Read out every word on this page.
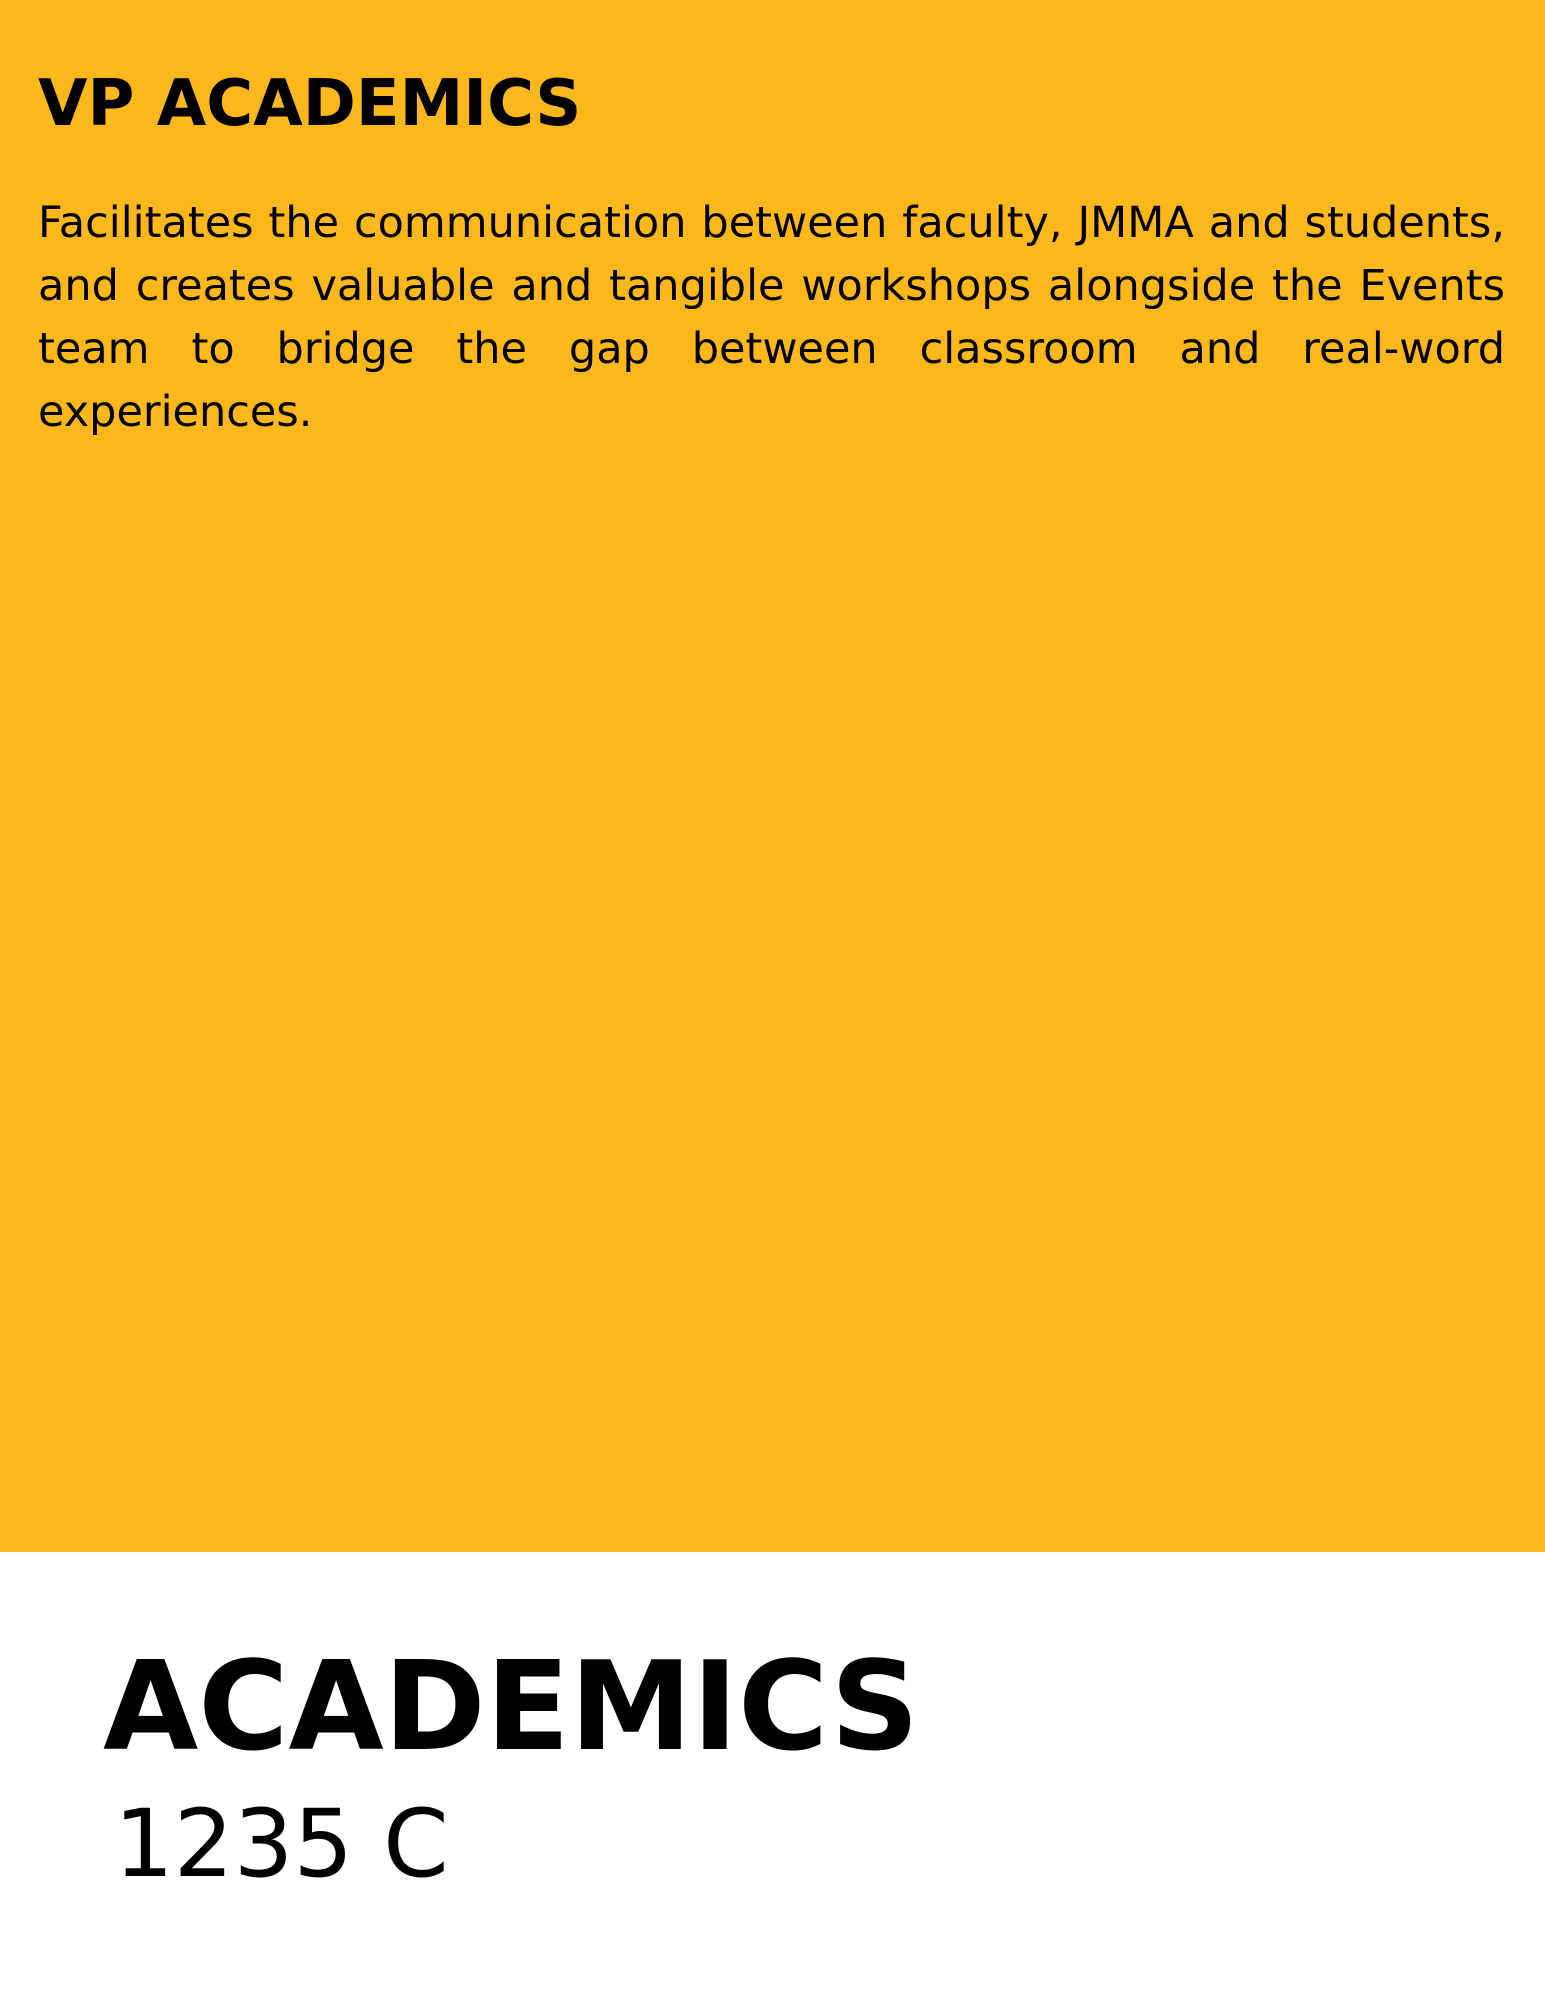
VP ACADEMICS

Facilitates the communication between faculty, JMMA and students, and creates valuable and tangible workshops alongside the Events team to bridge the gap between classroom and real-word experiences.

ACADEMICS
1235 C
